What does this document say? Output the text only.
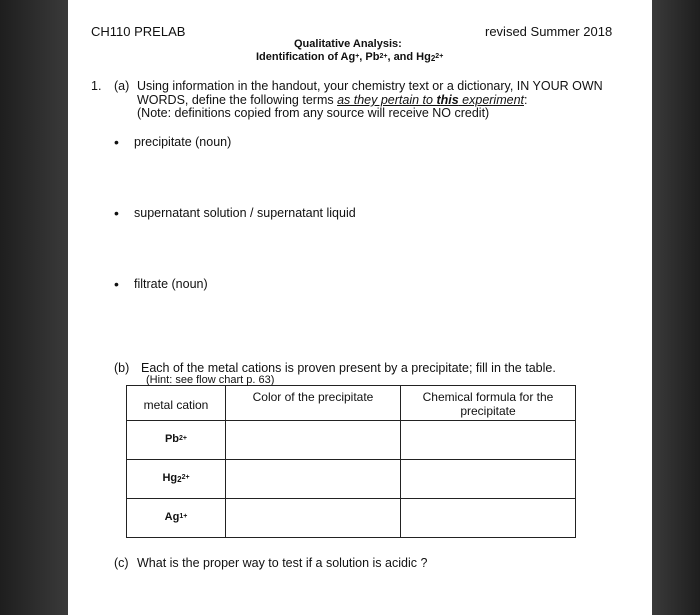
CH110 PRELAB	revised Summer 2018
Qualitative Analysis:
Identification of Ag+, $Pb^{2+}$, and $Hg_2^{2+}$
1. (a) Using information in the handout, your chemistry text or a dictionary, IN YOUR OWN
WORDS, define the following terms as they pertain to this experiment:
(Note: definitions copied from any source will receive NO credit)
• precipitate (noun)
• supernatant solution / supernatant liquid
• filtrate (noun)
(b) Each of the metal cations is proven present by a precipitate; fill in the table.
(Hint: see flow chart p. 63)
metal cation	Color of the precipitate	Chemical formula for the precipitate

$Pb^{2+}$		
$Hg_2^{2+}$		
$Ag^{1+}$		
(c) What is the proper way to test if a solution is acidic ?
